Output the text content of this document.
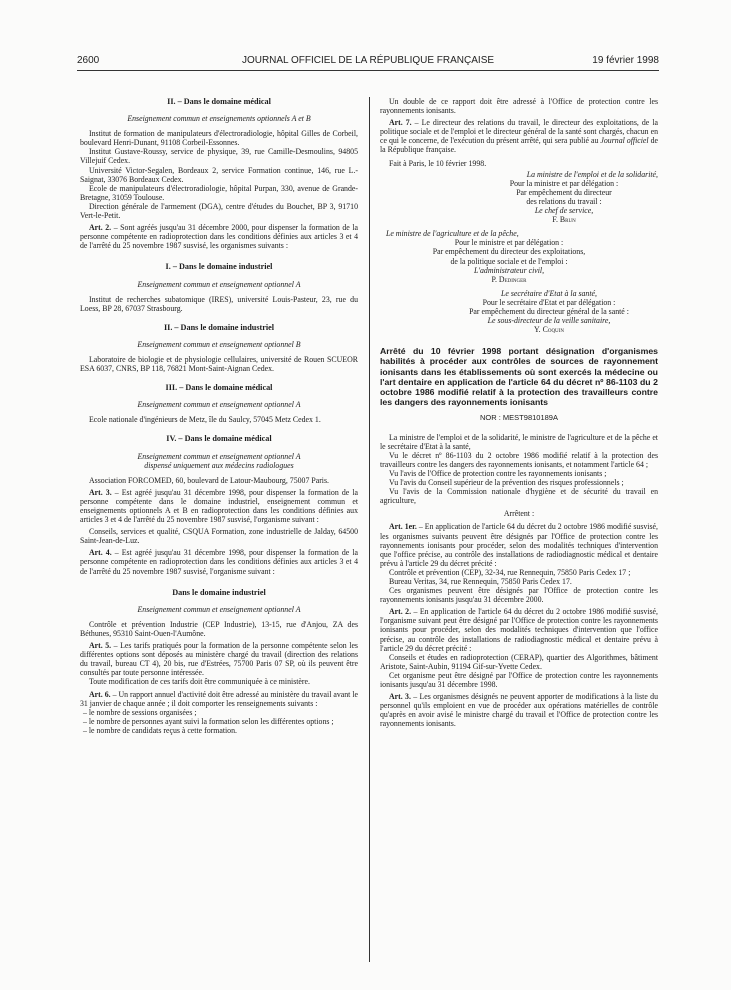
2600	JOURNAL OFFICIEL DE LA RÉPUBLIQUE FRANÇAISE	19 février 1998

II. – Dans le domaine médical

Enseignement commun et enseignements optionnels A et B

Institut de formation de manipulateurs d'électroradiologie, hôpital Gilles de Corbeil, boulevard Henri-Dunant, 91108 Corbeil-Essonnes.

Institut Gustave-Roussy, service de physique, 39, rue Camille-Desmoulins, 94805 Villejuif Cedex.

Université Victor-Segalen, Bordeaux 2, service Formation continue, 146, rue L.-Saignat, 33076 Bordeaux Cedex.

Ecole de manipulateurs d'électroradiologie, hôpital Purpan, 330, avenue de Grande-Bretagne, 31059 Toulouse.

Direction générale de l'armement (DGA), centre d'études du Bouchet, BP 3, 91710 Vert-le-Petit.

Art. 2. – Sont agréés jusqu'au 31 décembre 2000, pour dispenser la formation de la personne compétente en radioprotection dans les conditions définies aux articles 3 et 4 de l'arrêté du 25 novembre 1987 susvisé, les organismes suivants :

I. – Dans le domaine industriel

Enseignement commun et enseignement optionnel A

Institut de recherches subatomique (IRES), université Louis-Pasteur, 23, rue du Loess, BP 28, 67037 Strasbourg.

II. – Dans le domaine industriel

Enseignement commun et enseignement optionnel B

Laboratoire de biologie et de physiologie cellulaires, université de Rouen SCUEOR ESA 6037, CNRS, BP 118, 76821 Mont-Saint-Aignan Cedex.

III. – Dans le domaine médical

Enseignement commun et enseignement optionnel A

Ecole nationale d'ingénieurs de Metz, île du Saulcy, 57045 Metz Cedex 1.

IV. – Dans le domaine médical

Enseignement commun et enseignement optionnel A

dispensé uniquement aux médecins radiologues

Association FORCOMED, 60, boulevard de Latour-Maubourg, 75007 Paris.

Art. 3. – Est agréé jusqu'au 31 décembre 1998, pour dispenser la formation de la personne compétente dans le domaine industriel, enseignement commun et enseignements optionnels A et B en radioprotection dans les conditions définies aux articles 3 et 4 de l'arrêté du 25 novembre 1987 susvisé, l'organisme suivant :

Conseils, services et qualité, CSQUA Formation, zone industrielle de Jalday, 64500 Saint-Jean-de-Luz.

Art. 4. – Est agréé jusqu'au 31 décembre 1998, pour dispenser la formation de la personne compétente en radioprotection dans les conditions définies aux articles 3 et 4 de l'arrêté du 25 novembre 1987 susvisé, l'organisme suivant :

Dans le domaine industriel

Enseignement commun et enseignement optionnel A

Contrôle et prévention Industrie (CEP Industrie), 13-15, rue d'Anjou, ZA des Béthunes, 95310 Saint-Ouen-l'Aumône.

Art. 5. – Les tarifs pratiqués pour la formation de la personne compétente selon les différentes options sont déposés au ministère chargé du travail (direction des relations du travail, bureau CT 4), 20 bis, rue d'Estrées, 75700 Paris 07 SP, où ils peuvent être consultés par toute personne intéressée.

Toute modification de ces tarifs doit être communiquée à ce ministère.

Art. 6. – Un rapport annuel d'activité doit être adressé au ministère du travail avant le 31 janvier de chaque année ; il doit comporter les renseignements suivants :

– le nombre de sessions organisées ;

– le nombre de personnes ayant suivi la formation selon les différentes options ;

– le nombre de candidats reçus à cette formation.

Un double de ce rapport doit être adressé à l'Office de protection contre les rayonnements ionisants.

Art. 7. – Le directeur des relations du travail, le directeur des exploitations, de la politique sociale et de l'emploi et le directeur général de la santé sont chargés, chacun en ce qui le concerne, de l'exécution du présent arrêté, qui sera publié au Journal officiel de la République française.

Fait à Paris, le 10 février 1998.

La ministre de l'emploi et de la solidarité,

Pour la ministre et par délégation :
Par empêchement du directeur
des relations du travail :
Le chef de service,
F. Brun

Le ministre de l'agriculture et de la pêche,

Pour le ministre et par délégation :
Par empêchement du directeur des exploitations,
de la politique sociale et de l'emploi :
L'administrateur civil,
P. Dedinger

Le secrétaire d'Etat à la santé,

Pour le secrétaire d'Etat et par délégation :
Par empêchement du directeur général de la santé :
Le sous-directeur de la veille sanitaire,
Y. Coquin

Arrêté du 10 février 1998 portant désignation d'organismes habilités à procéder aux contrôles de sources de rayonnement ionisants dans les établissements où sont exercés la médecine ou l'art dentaire en application de l'article 64 du décret nº 86-1103 du 2 octobre 1986 modifié relatif à la protection des travailleurs contre les dangers des rayonnements ionisants

NOR : MEST9810189A

La ministre de l'emploi et de la solidarité, le ministre de l'agriculture et de la pêche et le secrétaire d'Etat à la santé,

Vu le décret nº 86-1103 du 2 octobre 1986 modifié relatif à la protection des travailleurs contre les dangers des rayonnements ionisants, et notamment l'article 64 ;

Vu l'avis de l'Office de protection contre les rayonnements ionisants ;

Vu l'avis du Conseil supérieur de la prévention des risques professionnels ;

Vu l'avis de la Commission nationale d'hygiène et de sécurité du travail en agriculture,

Arrêtent :

Art. 1er. – En application de l'article 64 du décret du 2 octobre 1986 modifié susvisé, les organismes suivants peuvent être désignés par l'Office de protection contre les rayonnements ionisants pour procéder, selon des modalités techniques d'intervention que l'office précise, au contrôle des installations de radiodiagnostic médical et dentaire prévu à l'article 29 du décret précité :

Contrôle et prévention (CEP), 32-34, rue Rennequin, 75850 Paris Cedex 17 ;

Bureau Veritas, 34, rue Rennequin, 75850 Paris Cedex 17.

Ces organismes peuvent être désignés par l'Office de protection contre les rayonnements ionisants jusqu'au 31 décembre 2000.

Art. 2. – En application de l'article 64 du décret du 2 octobre 1986 modifié susvisé, l'organisme suivant peut être désigné par l'Office de protection contre les rayonnements ionisants pour procéder, selon des modalités techniques d'intervention que l'office précise, au contrôle des installations de radiodiagnostic médical et dentaire prévu à l'article 29 du décret précité :

Conseils et études en radioprotection (CERAP), quartier des Algorithmes, bâtiment Aristote, Saint-Aubin, 91194 Gif-sur-Yvette Cedex.

Cet organisme peut être désigné par l'Office de protection contre les rayonnements ionisants jusqu'au 31 décembre 1998.

Art. 3. – Les organismes désignés ne peuvent apporter de modifications à la liste du personnel qu'ils emploient en vue de procéder aux opérations matérielles de contrôle qu'après en avoir avisé le ministre chargé du travail et l'Office de protection contre les rayonnements ionisants.
